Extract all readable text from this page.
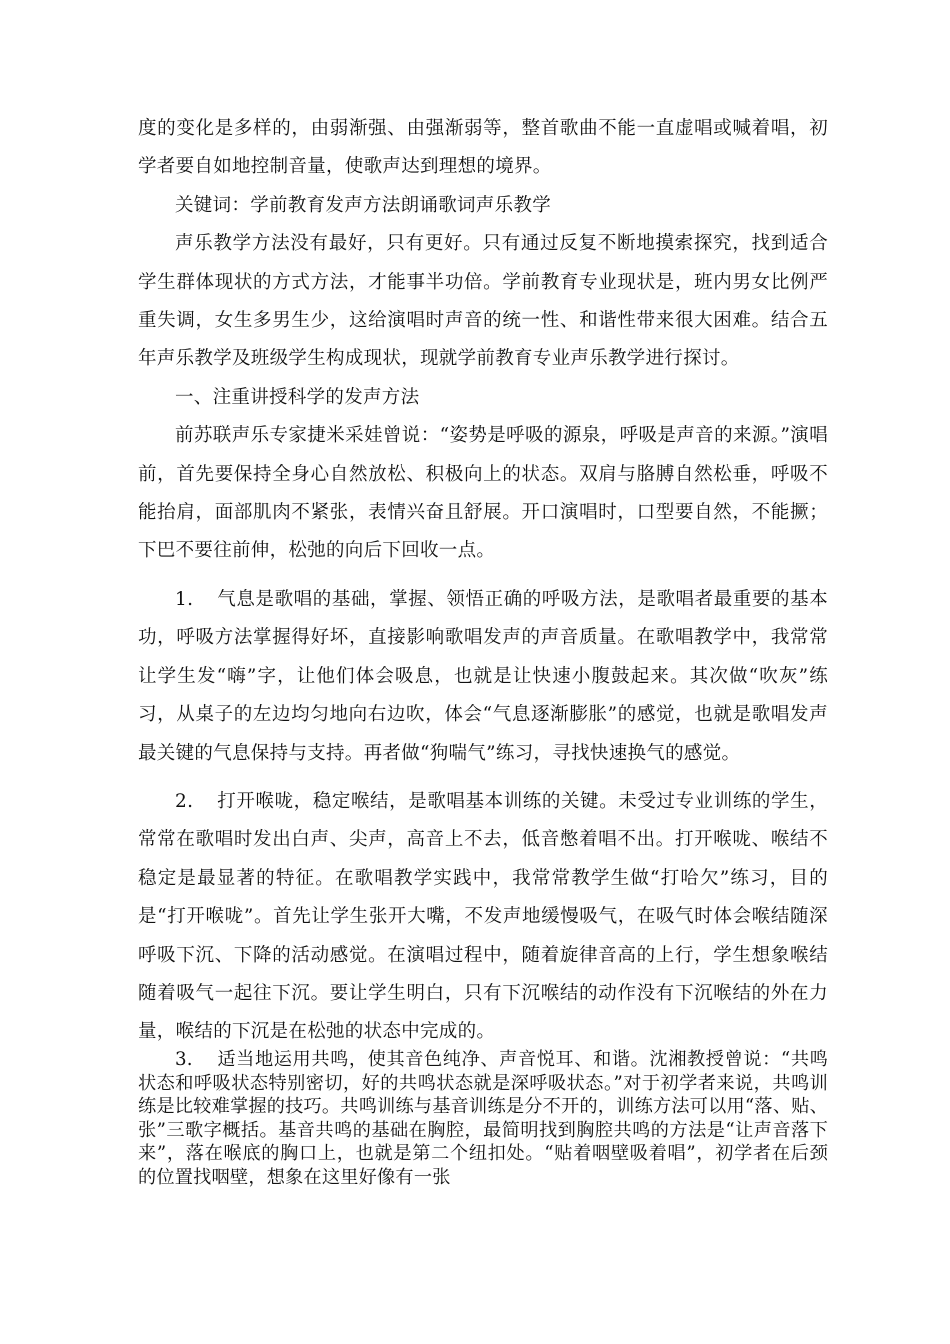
度的变化是多样的，由弱渐强、由强渐弱等，整首歌曲不能一直虚唱或喊着唱，初学者要自如地控制音量，使歌声达到理想的境界。

关键词：学前教育发声方法朗诵歌词声乐教学

声乐教学方法没有最好，只有更好。只有通过反复不断地摸索探究，找到适合学生群体现状的方式方法，才能事半功倍。学前教育专业现状是，班内男女比例严重失调，女生多男生少，这给演唱时声音的统一性、和谐性带来很大困难。结合五年声乐教学及班级学生构成现状，现就学前教育专业声乐教学进行探讨。

一、注重讲授科学的发声方法

前苏联声乐专家捷米采娃曾说：“姿势是呼吸的源泉，呼吸是声音的来源。”演唱前，首先要保持全身心自然放松、积极向上的状态。双肩与胳膊自然松垂，呼吸不能抬肩，面部肌肉不紧张，表情兴奋且舒展。开口演唱时，口型要自然，不能撅；下巴不要往前伸，松弛的向后下回收一点。

1. 气息是歌唱的基础，掌握、领悟正确的呼吸方法，是歌唱者最重要的基本功，呼吸方法掌握得好坏，直接影响歌唱发声的声音质量。在歌唱教学中，我常常让学生发“嗨”字，让他们体会吸息，也就是让快速小腹鼓起来。其次做“吹灰”练习，从桌子的左边均匀地向右边吹，体会“气息逐渐膨胀”的感觉，也就是歌唱发声最关键的气息保持与支持。再者做“狗喘气”练习，寻找快速换气的感觉。

2. 打开喉咙，稳定喉结，是歌唱基本训练的关键。未受过专业训练的学生，常常在歌唱时发出白声、尖声，高音上不去，低音憋着唱不出。打开喉咙、喉结不稳定是最显著的特征。在歌唱教学实践中，我常常教学生做“打哈欠”练习，目的是“打开喉咙”。首先让学生张开大嘴，不发声地缓慢吸气，在吸气时体会喉结随深呼吸下沉、下降的活动感觉。在演唱过程中，随着旋律音高的上行，学生想象喉结随着吸气一起往下沉。要让学生明白，只有下沉喉结的动作没有下沉喉结的外在力量，喉结的下沉是在松弛的状态中完成的。

3. 适当地运用共鸣，使其音色纯净、声音悦耳、和谐。沈湘教授曾说：“共鸣状态和呼吸状态特别密切，好的共鸣状态就是深呼吸状态。”对于初学者来说，共鸣训练是比较难掌握的技巧。共鸣训练与基音训练是分不开的，训练方法可以用“落、贴、张”三歌字概括。基音共鸣的基础在胸腔，最简明找到胸腔共鸣的方法是“让声音落下来”，落在喉底的胸口上，也就是第二个纽扣处。“贴着咽壁吸着唱”，初学者在后颈的位置找咽壁，想象在这里好像有一张
